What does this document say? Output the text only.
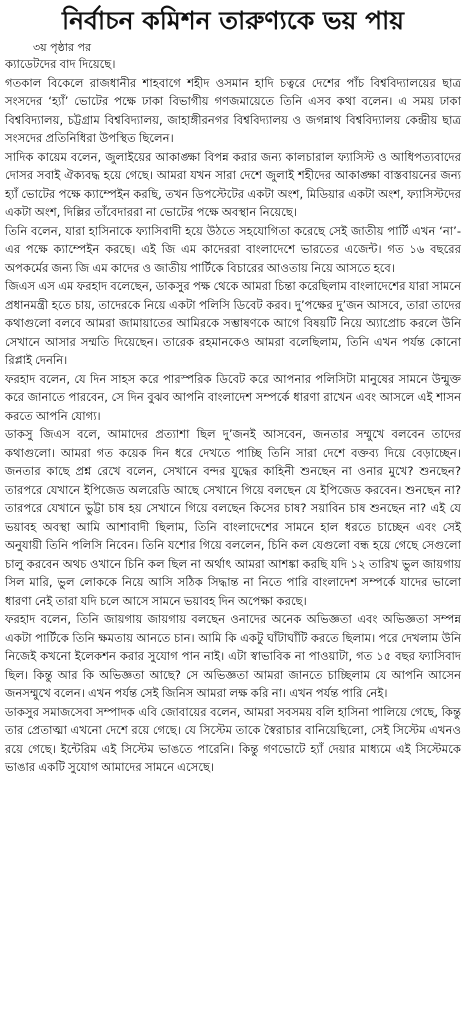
নির্বাচন কমিশন তারুণ্যকে ভয় পায়

৩য় পৃষ্ঠার পর

ক্যাডেটদের বাদ দিয়েছে।

গতকাল বিকেলে রাজধানীর শাহবাগে শহীদ ওসমান হাদি চত্বরে দেশের পাঁচ বিশ্ববিদ্যালয়ের ছাত্র সংসদের ‘হ্যাঁ’ ভোটের পক্ষে ঢাকা বিভাগীয় গণজমায়েতে তিনি এসব কথা বলেন। এ সময় ঢাকা বিশ্ববিদ্যালয়, চট্টগ্রাম বিশ্ববিদ্যালয়, জাহাঙ্গীরনগর বিশ্ববিদ্যালয় ও জগন্নাথ বিশ্ববিদ্যালয় কেন্দ্রীয় ছাত্র সংসদের প্রতিনিধিরা উপস্থিত ছিলেন।

সাদিক কায়েম বলেন, জুলাইয়ের আকাঙ্ক্ষা বিপন্ন করার জন্য কালচারাল ফ্যাসিস্ট ও আধিপত্যবাদের দোসর সবাই ঐক্যবদ্ধ হয়ে গেছে। আমরা যখন সারা দেশে জুলাই শহীদের আকাঙ্ক্ষা বাস্তবায়নের জন্য হ্যাঁ ভোটের পক্ষে ক্যাম্পেইন করছি, তখন ডিপস্টেটের একটা অংশ, মিডিয়ার একটা অংশ, ফ্যাসিস্টদের একটা অংশ, দিল্লির তাঁবেদাররা না ভোটের পক্ষে অবস্থান নিয়েছে।

তিনি বলেন, যারা হাসিনাকে ফ্যাসিবাদী হয়ে উঠতে সহযোগিতা করেছে সেই জাতীয় পার্টি এখন ‘না’-এর পক্ষে ক্যাম্পেইন করছে। এই জি এম কাদেররা বাংলাদেশে ভারতের এজেন্ট। গত ১৬ বছরের অপকর্মের জন্য জি এম কাদের ও জাতীয় পার্টিকে বিচারের আওতায় নিয়ে আসতে হবে।

জিএস এস এম ফরহাদ বলেছেন, ডাকসুর পক্ষ থেকে আমরা চিন্তা করেছিলাম বাংলাদেশের যারা সামনে প্রধানমন্ত্রী হতে চায়, তাদেরকে নিয়ে একটা পলিসি ডিবেট করব। দু’পক্ষের দু’জন আসবে, তারা তাদের কথাগুলো বলবে আমরা জামায়াতের আমিরকে সম্ভাষণকে আগে বিষয়টি নিয়ে অ্যাপ্রোচ করলে উনি সেখানে আসার সম্মতি দিয়েছেন। তারেক রহমানকেও আমরা বলেছিলাম, তিনি এখন পর্যন্ত কোনো রিপ্লাই দেননি।

ফরহাদ বলেন, যে দিন সাহস করে পারস্পরিক ডিবেট করে আপনার পলিসিটা মানুষের সামনে উন্মুক্ত করে জানাতে পারবেন, সে দিন বুঝব আপনি বাংলাদেশ সম্পর্কে ধারণা রাখেন এবং আসলে এই শাসন করতে আপনি যোগ্য।

ডাকসু জিএস বলে, আমাদের প্রত্যাশা ছিল দু’জনই আসবেন, জনতার সম্মুখে বলবেন তাদের কথাগুলো। আমরা গত কয়েক দিন ধরে দেখতে পাচ্ছি তিনি সারা দেশে বক্তব্য দিয়ে বেড়াচ্ছেন। জনতার কাছে প্রশ্ন রেখে বলেন, সেখানে বন্দর যুদ্ধের কাহিনী শুনছেন না ওনার মুখে? শুনছেন? তারপরে যেখানে ইপিজেড অলরেডি আছে সেখানে গিয়ে বলছেন যে ইপিজেড করবেন। শুনছেন না? তারপরে যেখানে ভুট্টা চাষ হয় সেখানে গিয়ে বলছেন কিসের চাষ? সয়াবিন চাষ শুনছেন না? এই যে ভয়াবহ অবস্থা আমি আশাবাদী ছিলাম, তিনি বাংলাদেশের সামনে হাল ধরতে চাচ্ছেন এবং সেই অনুযায়ী তিনি পলিসি নিবেন। তিনি যশোর গিয়ে বললেন, চিনি কল যেগুলো বন্ধ হয়ে গেছে সেগুলো চালু করবেন অথচ ওখানে চিনি কল ছিল না অর্থাৎ আমরা আশঙ্কা করছি যদি ১২ তারিখ ভুল জায়গায় সিল মারি, ভুল লোককে নিয়ে আসি সঠিক সিদ্ধান্ত না নিতে পারি বাংলাদেশ সম্পর্কে যাদের ভালো ধারণা নেই তারা যদি চলে আসে সামনে ভয়াবহ দিন অপেক্ষা করছে।

ফরহাদ বলেন, তিনি জায়গায় জায়গায় বলছেন ওনাদের অনেক অভিজ্ঞতা এবং অভিজ্ঞতা সম্পন্ন একটা পার্টিকে তিনি ক্ষমতায় আনতে চান। আমি কি একটু ঘাঁটাঘাঁটি করতে ছিলাম। পরে দেখলাম উনি নিজেই কখনো ইলেকশন করার সুযোগ পান নাই। এটা স্বাভাবিক না পাওয়াটা, গত ১৫ বছর ফ্যাসিবাদ ছিল। কিন্তু আর কি অভিজ্ঞতা আছে? সে অভিজ্ঞতা আমরা জানতে চাচ্ছিলাম যে আপনি আসেন জনসম্মুখে বলেন। এখন পর্যন্ত সেই জিনিস আমরা লক্ষ করি না। এখন পর্যন্ত পারি নেই।

ডাকসুর সমাজসেবা সম্পাদক এবি জোবায়ের বলেন, আমরা সবসময় বলি হাসিনা পালিয়ে গেছে, কিন্তু তার প্রেতাত্মা এখনো দেশে রয়ে গেছে। যে সিস্টেম তাকে স্বৈরাচার বানিয়েছিলো, সেই সিস্টেম এখনও রয়ে গেছে। ইন্টেরিম এই সিস্টেম ভাঙতে পারেনি। কিন্তু গণভোটে হ্যাঁ দেয়ার মাধ্যমে এই সিস্টেমকে ভাঙার একটি সুযোগ আমাদের সামনে এসেছে।
